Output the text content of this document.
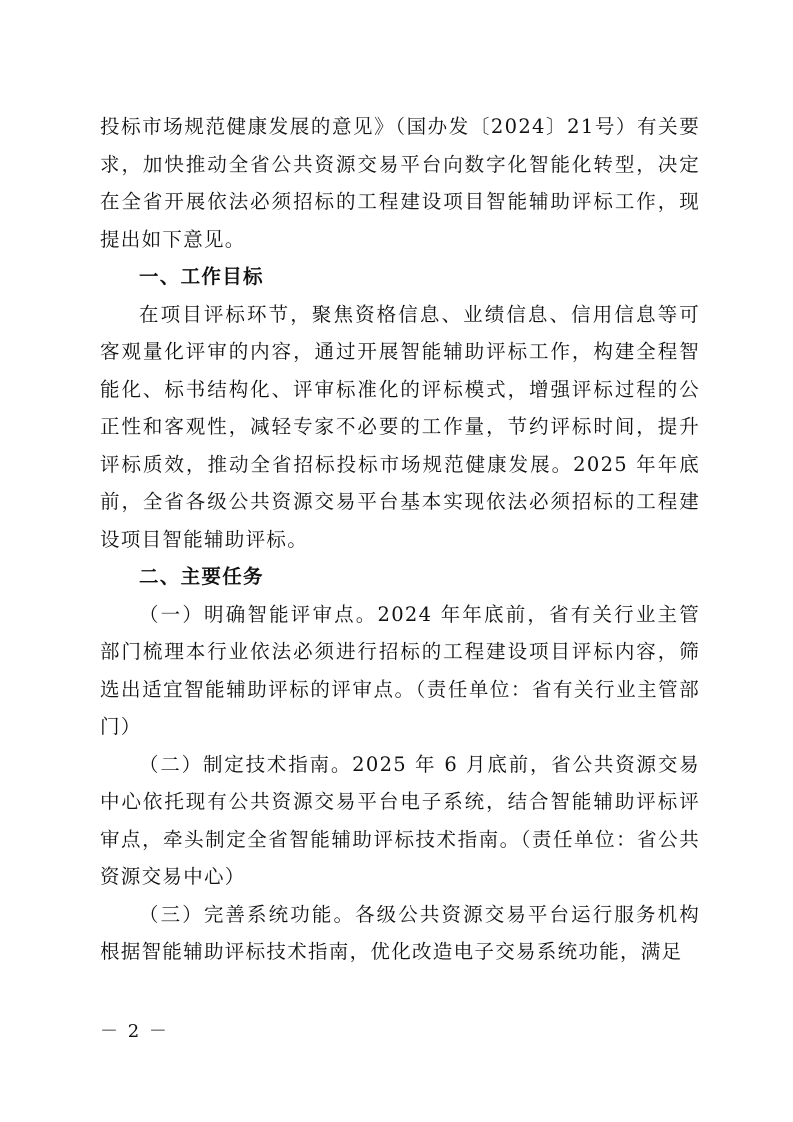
投标市场规范健康发展的意见》（国办发〔2024〕21号）有关要求，加快推动全省公共资源交易平台向数字化智能化转型，决定在全省开展依法必须招标的工程建设项目智能辅助评标工作，现提出如下意见。

一、工作目标

在项目评标环节，聚焦资格信息、业绩信息、信用信息等可客观量化评审的内容，通过开展智能辅助评标工作，构建全程智能化、标书结构化、评审标准化的评标模式，增强评标过程的公正性和客观性，减轻专家不必要的工作量，节约评标时间，提升评标质效，推动全省招标投标市场规范健康发展。2025 年年底前，全省各级公共资源交易平台基本实现依法必须招标的工程建设项目智能辅助评标。

二、主要任务

（一）明确智能评审点。2024 年年底前，省有关行业主管部门梳理本行业依法必须进行招标的工程建设项目评标内容，筛选出适宜智能辅助评标的评审点。（责任单位：省有关行业主管部门）

（二）制定技术指南。2025 年 6 月底前，省公共资源交易中心依托现有公共资源交易平台电子系统，结合智能辅助评标评审点，牵头制定全省智能辅助评标技术指南。（责任单位：省公共资源交易中心）

（三）完善系统功能。各级公共资源交易平台运行服务机构根据智能辅助评标技术指南，优化改造电子交易系统功能，满足

－ 2 －
